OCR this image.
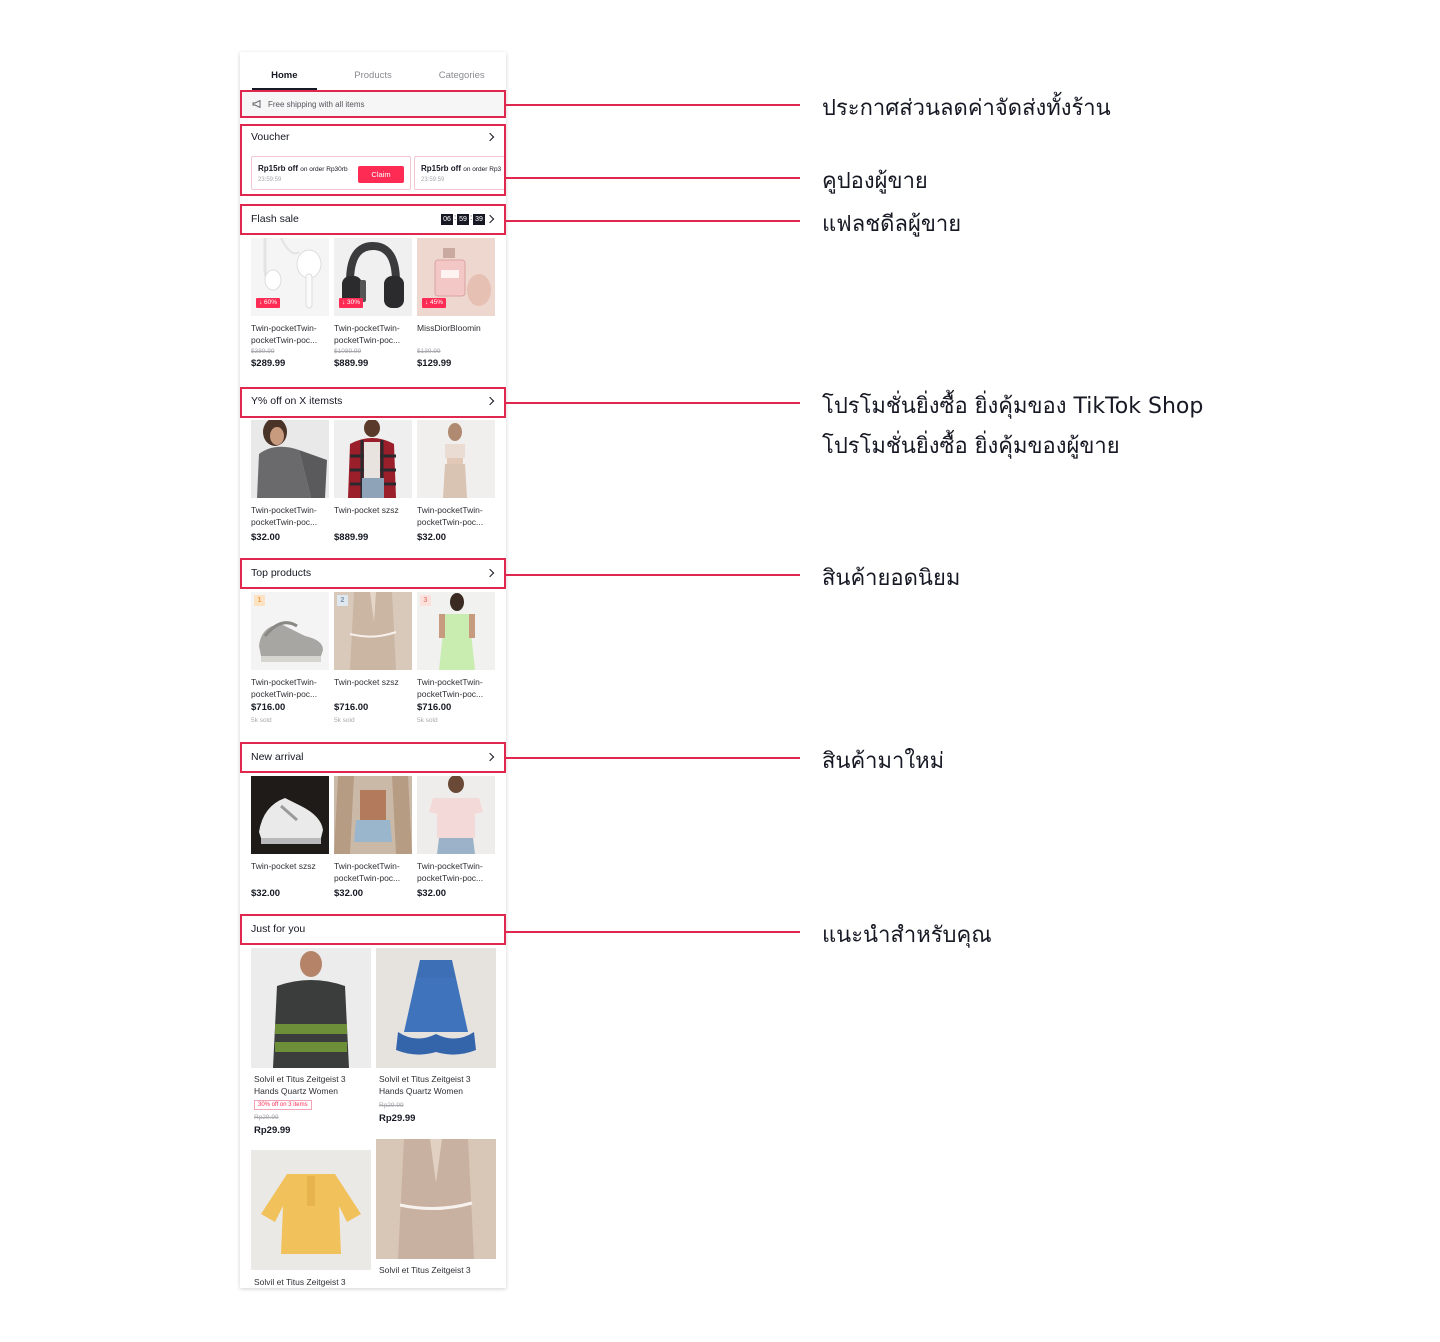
Home	Products	Categories
Free shipping with all items
Voucher
Rp15rb off on order Rp30rb
23:59:59
Claim
Rp15rb off on order Rp3
23:59:59
Flash sale	06 : 59 : 39
↓ 60%
Twin-pocketTwin-pocketTwin-poc...
$389.99
$289.99
↓ 30%
Twin-pocketTwin-pocketTwin-poc...
$1089.99
$889.99
↓ 45%
MissDiorBloomin
$139.99
$129.99
Y% off on X itemsts
Twin-pocketTwin-pocketTwin-poc...
$32.00
Twin-pocket szsz
$889.99
Twin-pocketTwin-pocketTwin-poc...
$32.00
Top products
1
Twin-pocketTwin-pocketTwin-poc...
$716.00
5k sold
2
Twin-pocket szsz
$716.00
5k sold
3
Twin-pocketTwin-pocketTwin-poc...
$716.00
5k sold
New arrival
Twin-pocket szsz
$32.00
Twin-pocketTwin-pocketTwin-poc...
$32.00
Twin-pocketTwin-pocketTwin-poc...
$32.00
Just for you
Solvil et Titus Zeitgeist 3 Hands Quartz Women
30% off on 3 items
Rp29.99
Rp29.99
Solvil et Titus Zeitgeist 3 Hands Quartz Women
Rp29.99
Rp29.99
Solvil et Titus Zeitgeist 3
Solvil et Titus Zeitgeist 3
ประกาศส่วนลดค่าจัดส่งทั้งร้าน
คูปองผู้ขาย
แฟลชดีลผู้ขาย
โปรโมชั่นยิ่งซื้อ ยิ่งคุ้มของ TikTok Shop
โปรโมชั่นยิ่งซื้อ ยิ่งคุ้มของผู้ขาย
สินค้ายอดนิยม
สินค้ามาใหม่
แนะนำสำหรับคุณ
